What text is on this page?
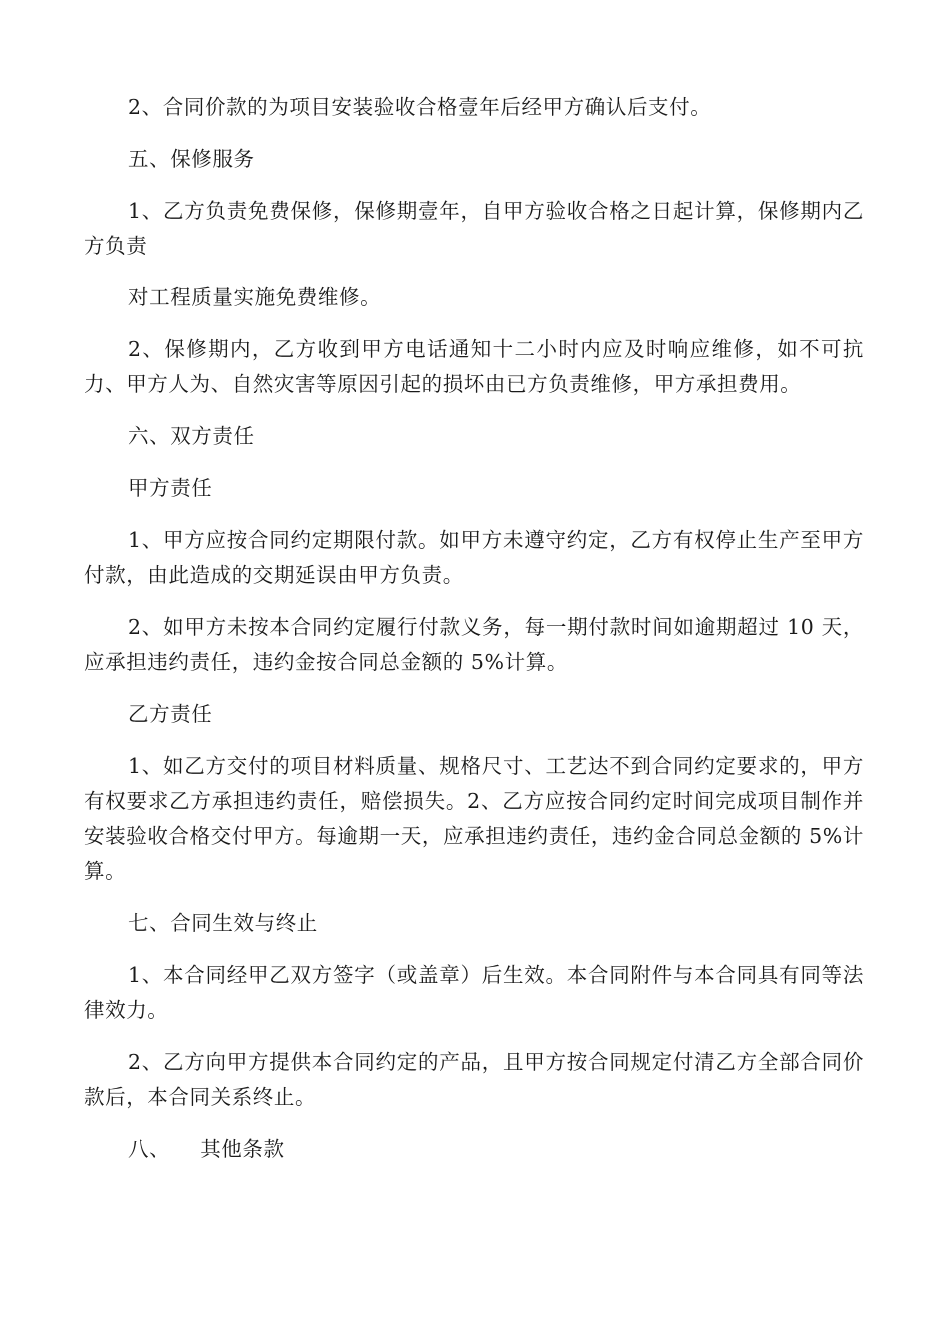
2、合同价款的为项目安装验收合格壹年后经甲方确认后支付。

五、保修服务

1、乙方负责免费保修，保修期壹年，自甲方验收合格之日起计算，保修期内乙方负责

对工程质量实施免费维修。

2、保修期内，乙方收到甲方电话通知十二小时内应及时响应维修，如不可抗力、甲方人为、自然灾害等原因引起的损坏由已方负责维修，甲方承担费用。

六、双方责任

甲方责任

1、甲方应按合同约定期限付款。如甲方未遵守约定，乙方有权停止生产至甲方付款，由此造成的交期延误由甲方负责。

2、如甲方未按本合同约定履行付款义务，每一期付款时间如逾期超过 10 天，应承担违约责任，违约金按合同总金额的 5%计算。

乙方责任

1、如乙方交付的项目材料质量、规格尺寸、工艺达不到合同约定要求的，甲方有权要求乙方承担违约责任，赔偿损失。2、乙方应按合同约定时间完成项目制作并安装验收合格交付甲方。每逾期一天，应承担违约责任，违约金合同总金额的 5%计算。

七、合同生效与终止

1、本合同经甲乙双方签字（或盖章）后生效。本合同附件与本合同具有同等法律效力。

2、乙方向甲方提供本合同约定的产品，且甲方按合同规定付清乙方全部合同价款后，本合同关系终止。

八、 其他条款
